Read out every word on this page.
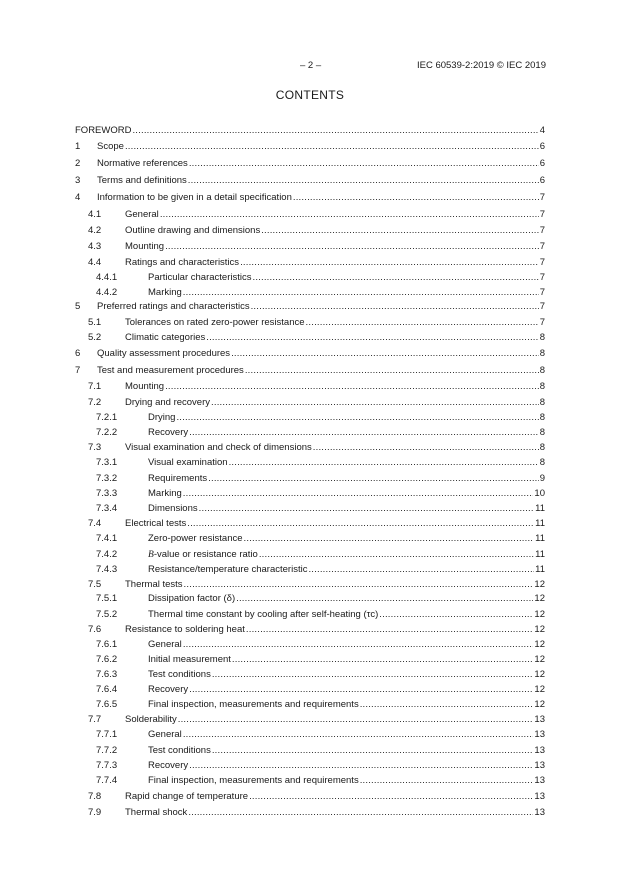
– 2 –	IEC 60539-2:2019 © IEC 2019
CONTENTS
FOREWORD .....	4
1 Scope .....	6
2 Normative references .....	6
3 Terms and definitions .....	6
4 Information to be given in a detail specification .....	7
4.1	General .....	7
4.2	Outline drawing and dimensions .....	7
4.3	Mounting .....	7
4.4	Ratings and characteristics .....	7
4.4.1	Particular characteristics .....	7
4.4.2	Marking .....	7
5 Preferred ratings and characteristics .....	7
5.1	Tolerances on rated zero-power resistance .....	7
5.2	Climatic categories .....	8
6 Quality assessment procedures .....	8
7 Test and measurement procedures .....	8
7.1	Mounting .....	8
7.2	Drying and recovery .....	8
7.2.1	Drying .....	8
7.2.2	Recovery .....	8
7.3	Visual examination and check of dimensions .....	8
7.3.1	Visual examination .....	8
7.3.2	Requirements .....	9
7.3.3	Marking .....	10
7.3.4	Dimensions .....	11
7.4	Electrical tests .....	11
7.4.1	Zero-power resistance .....	11
7.4.2	B-value or resistance ratio .....	11
7.4.3	Resistance/temperature characteristic .....	11
7.5	Thermal tests .....	12
7.5.1	Dissipation factor (δ) .....	12
7.5.2	Thermal time constant by cooling after self-heating (τc) .....	12
7.6	Resistance to soldering heat .....	12
7.6.1	General .....	12
7.6.2	Initial measurement .....	12
7.6.3	Test conditions .....	12
7.6.4	Recovery .....	12
7.6.5	Final inspection, measurements and requirements .....	12
7.7	Solderability .....	13
7.7.1	General .....	13
7.7.2	Test conditions .....	13
7.7.3	Recovery .....	13
7.7.4	Final inspection, measurements and requirements .....	13
7.8	Rapid change of temperature .....	13
7.9	Thermal shock .....	13
